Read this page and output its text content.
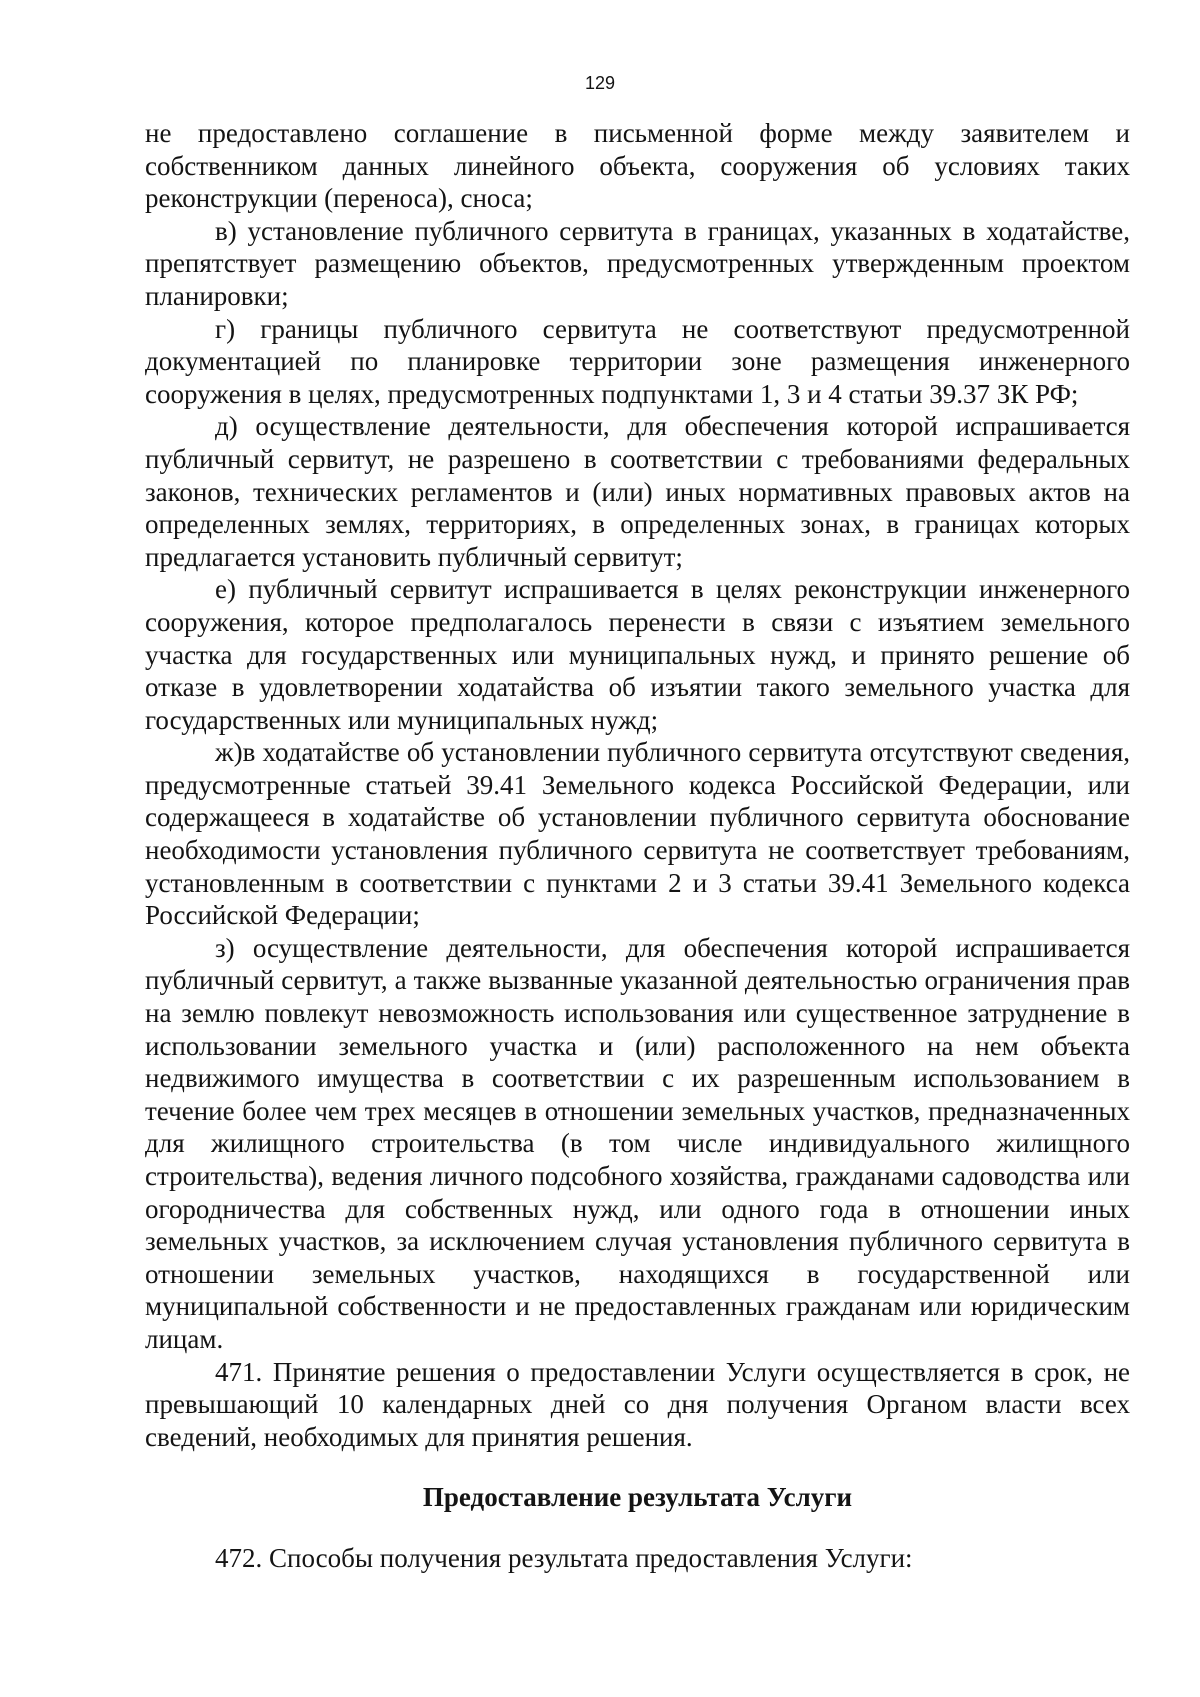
129

не предоставлено соглашение в письменной форме между заявителем и собственником данных линейного объекта, сооружения об условиях таких реконструкции (переноса), сноса;

в) установление публичного сервитута в границах, указанных в ходатайстве, препятствует размещению объектов, предусмотренных утвержденным проектом планировки;

г) границы публичного сервитута не соответствуют предусмотренной документацией по планировке территории зоне размещения инженерного сооружения в целях, предусмотренных подпунктами 1, 3 и 4 статьи 39.37 ЗК РФ;

д) осуществление деятельности, для обеспечения которой испрашивается публичный сервитут, не разрешено в соответствии с требованиями федеральных законов, технических регламентов и (или) иных нормативных правовых актов на определенных землях, территориях, в определенных зонах, в границах которых предлагается установить публичный сервитут;

е) публичный сервитут испрашивается в целях реконструкции инженерного сооружения, которое предполагалось перенести в связи с изъятием земельного участка для государственных или муниципальных нужд, и принято решение об отказе в удовлетворении ходатайства об изъятии такого земельного участка для государственных или муниципальных нужд;

ж)в ходатайстве об установлении публичного сервитута отсутствуют сведения, предусмотренные статьей 39.41 Земельного кодекса Российской Федерации, или содержащееся в ходатайстве об установлении публичного сервитута обоснование необходимости установления публичного сервитута не соответствует требованиям, установленным в соответствии с пунктами 2 и 3 статьи 39.41 Земельного кодекса Российской Федерации;

з) осуществление деятельности, для обеспечения которой испрашивается публичный сервитут, а также вызванные указанной деятельностью ограничения прав на землю повлекут невозможность использования или существенное затруднение в использовании земельного участка и (или) расположенного на нем объекта недвижимого имущества в соответствии с их разрешенным использованием в течение более чем трех месяцев в отношении земельных участков, предназначенных для жилищного строительства (в том числе индивидуального жилищного строительства), ведения личного подсобного хозяйства, гражданами садоводства или огородничества для собственных нужд, или одного года в отношении иных земельных участков, за исключением случая установления публичного сервитута в отношении земельных участков, находящихся в государственной или муниципальной собственности и не предоставленных гражданам или юридическим лицам.

471. Принятие решения о предоставлении Услуги осуществляется в срок, не превышающий 10 календарных дней со дня получения Органом власти всех сведений, необходимых для принятия решения.

Предоставление результата Услуги

472. Способы получения результата предоставления Услуги:
